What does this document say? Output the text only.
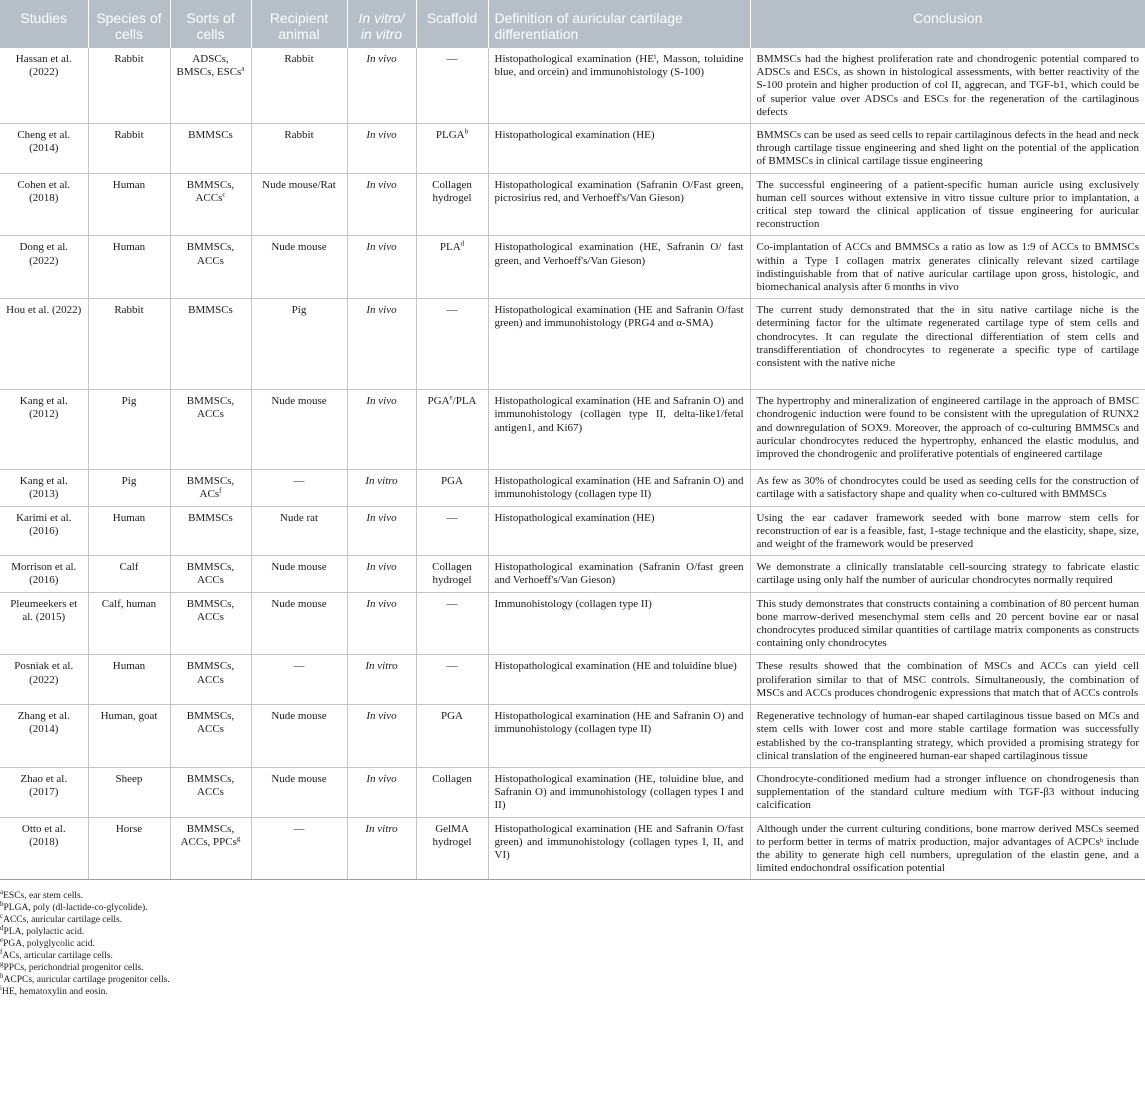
Studies	Species of cells	Sorts of cells	Recipient animal	In vitro/ in vitro	Scaffold	Definition of auricular cartilage differentiation	Conclusion
Hassan et al. (2022)	Rabbit	ADSCs, BMSCs, ESCs$^a$	Rabbit	In vivo	—	Histopathological examination (HEⁱ, Masson, toluidine blue, and orcein) and immunohistology (S-100)	BMMSCs had the highest proliferation rate and chondrogenic potential compared to ADSCs and ESCs, as shown in histological assessments, with better reactivity of the S-100 protein and higher production of col II, aggrecan, and TGF-b1, which could be of superior value over ADSCs and ESCs for the regeneration of the cartilaginous defects
Cheng et al. (2014)	Rabbit	BMMSCs	Rabbit	In vivo	PLGA$^b$	Histopathological examination (HE)	BMMSCs can be used as seed cells to repair cartilaginous defects in the head and neck through cartilage tissue engineering and shed light on the potential of the application of BMMSCs in clinical cartilage tissue engineering
Cohen et al. (2018)	Human	BMMSCs, ACCs$^c$	Nude mouse/Rat	In vivo	Collagen hydrogel	Histopathological examination (Safranin O/Fast green, picrosirius red, and Verhoeff's/Van Gieson)	The successful engineering of a patient-specific human auricle using exclusively human cell sources without extensive in vitro tissue culture prior to implantation, a critical step toward the clinical application of tissue engineering for auricular reconstruction
Dong et al. (2022)	Human	BMMSCs, ACCs	Nude mouse	In vivo	PLA$^d$	Histopathological examination (HE, Safranin O/ fast green, and Verhoeff's/Van Gieson)	Co-implantation of ACCs and BMMSCs a ratio as low as 1:9 of ACCs to BMMSCs within a Type I collagen matrix generates clinically relevant sized cartilage indistinguishable from that of native auricular cartilage upon gross, histologic, and biomechanical analysis after 6 months in vivo
Hou et al. (2022)	Rabbit	BMMSCs	Pig	In vivo	—	Histopathological examination (HE and Safranin O/fast green) and immunohistology (PRG4 and α-SMA)	The current study demonstrated that the in situ native cartilage niche is the determining factor for the ultimate regenerated cartilage type of stem cells and chondrocytes. It can regulate the directional differentiation of stem cells and transdifferentiation of chondrocytes to regenerate a specific type of cartilage consistent with the native niche
Kang et al. (2012)	Pig	BMMSCs, ACCs	Nude mouse	In vivo	PGA$^e$/PLA	Histopathological examination (HE and Safranin O) and immunohistology (collagen type II, delta-like1/fetal antigen1, and Ki67)	The hypertrophy and mineralization of engineered cartilage in the approach of BMSC chondrogenic induction were found to be consistent with the upregulation of RUNX2 and downregulation of SOX9. Moreover, the approach of co-culturing BMMSCs and auricular chondrocytes reduced the hypertrophy, enhanced the elastic modulus, and improved the chondrogenic and proliferative potentials of engineered cartilage
Kang et al. (2013)	Pig	BMMSCs, ACs$^f$	—	In vitro	PGA	Histopathological examination (HE and Safranin O) and immunohistology (collagen type II)	As few as 30% of chondrocytes could be used as seeding cells for the construction of cartilage with a satisfactory shape and quality when co-cultured with BMMSCs
Karimi et al. (2016)	Human	BMMSCs	Nude rat	In vivo	—	Histopathological examination (HE)	Using the ear cadaver framework seeded with bone marrow stem cells for reconstruction of ear is a feasible, fast, 1-stage technique and the elasticity, shape, size, and weight of the framework would be preserved
Morrison et al. (2016)	Calf	BMMSCs, ACCs	Nude mouse	In vivo	Collagen hydrogel	Histopathological examination (Safranin O/fast green and Verhoeff's/Van Gieson)	We demonstrate a clinically translatable cell-sourcing strategy to fabricate elastic cartilage using only half the number of auricular chondrocytes normally required
Pleumeekers et al. (2015)	Calf, human	BMMSCs, ACCs	Nude mouse	In vivo	—	Immunohistology (collagen type II)	This study demonstrates that constructs containing a combination of 80 percent human bone marrow-derived mesenchymal stem cells and 20 percent bovine ear or nasal chondrocytes produced similar quantities of cartilage matrix components as constructs containing only chondrocytes
Posniak et al. (2022)	Human	BMMSCs, ACCs	—	In vitro	—	Histopathological examination (HE and toluidine blue)	These results showed that the combination of MSCs and ACCs can yield cell proliferation similar to that of MSC controls. Simultaneously, the combination of MSCs and ACCs produces chondrogenic expressions that match that of ACCs controls
Zhang et al. (2014)	Human, goat	BMMSCs, ACCs	Nude mouse	In vivo	PGA	Histopathological examination (HE and Safranin O) and immunohistology (collagen type II)	Regenerative technology of human-ear shaped cartilaginous tissue based on MCs and stem cells with lower cost and more stable cartilage formation was successfully established by the co-transplanting strategy, which provided a promising strategy for clinical translation of the engineered human-ear shaped cartilaginous tissue
Zhao et al. (2017)	Sheep	BMMSCs, ACCs	Nude mouse	In vivo	Collagen	Histopathological examination (HE, toluidine blue, and Safranin O) and immunohistology (collagen types I and II)	Chondrocyte-conditioned medium had a stronger influence on chondrogenesis than supplementation of the standard culture medium with TGF-β3 without inducing calcification
Otto et al. (2018)	Horse	BMMSCs, ACCs, PPCs$^g$	—	In vitro	GelMA hydrogel	Histopathological examination (HE and Safranin O/fast green) and immunohistology (collagen types I, II, and VI)	Although under the current culturing conditions, bone marrow derived MSCs seemed to perform better in terms of matrix production, major advantages of ACPCsʰ include the ability to generate high cell numbers, upregulation of the elastin gene, and a limited endochondral ossification potential
$^a$ESCs, ear stem cells.
$^b$PLGA, poly (dl-lactide-co-glycolide).
$^c$ACCs, auricular cartilage cells.
$^d$PLA, polylactic acid.
$^e$PGA, polyglycolic acid.
$^f$ACs, articular cartilage cells.
$^g$PPCs, perichondrial progenitor cells.
$^h$ACPCs, auricular cartilage progenitor cells.
$^i$HE, hematoxylin and eosin.
